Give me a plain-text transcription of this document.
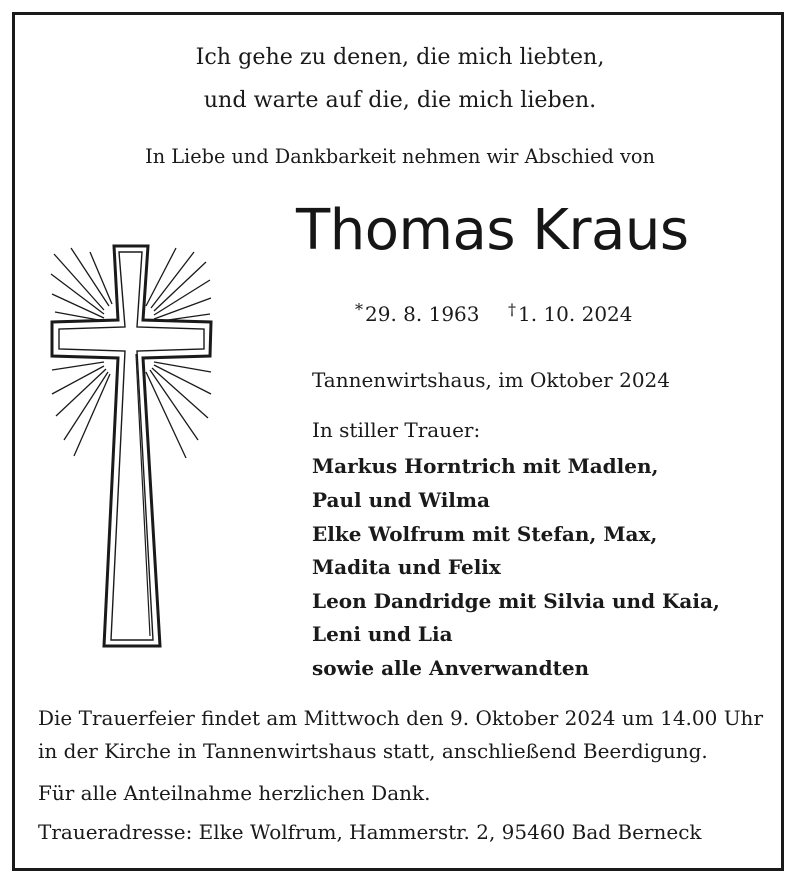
Ich gehe zu denen, die mich liebten,
und warte auf die, die mich lieben.
In Liebe und Dankbarkeit nehmen wir Abschied von
Thomas Kraus
* 29. 8. 1963 † 1. 10. 2024
Tannenwirtshaus, im Oktober 2024
In stiller Trauer:
Markus Horntrich mit Madlen,
Paul und Wilma
Elke Wolfrum mit Stefan, Max,
Madita und Felix
Leon Dandridge mit Silvia und Kaia,
Leni und Lia
sowie alle Anverwandten
Die Trauerfeier findet am Mittwoch den 9. Oktober 2024 um 14.00 Uhr
in der Kirche in Tannenwirtshaus statt, anschließend Beerdigung.
Für alle Anteilnahme herzlichen Dank.
Traueradresse: Elke Wolfrum, Hammerstr. 2, 95460 Bad Berneck
